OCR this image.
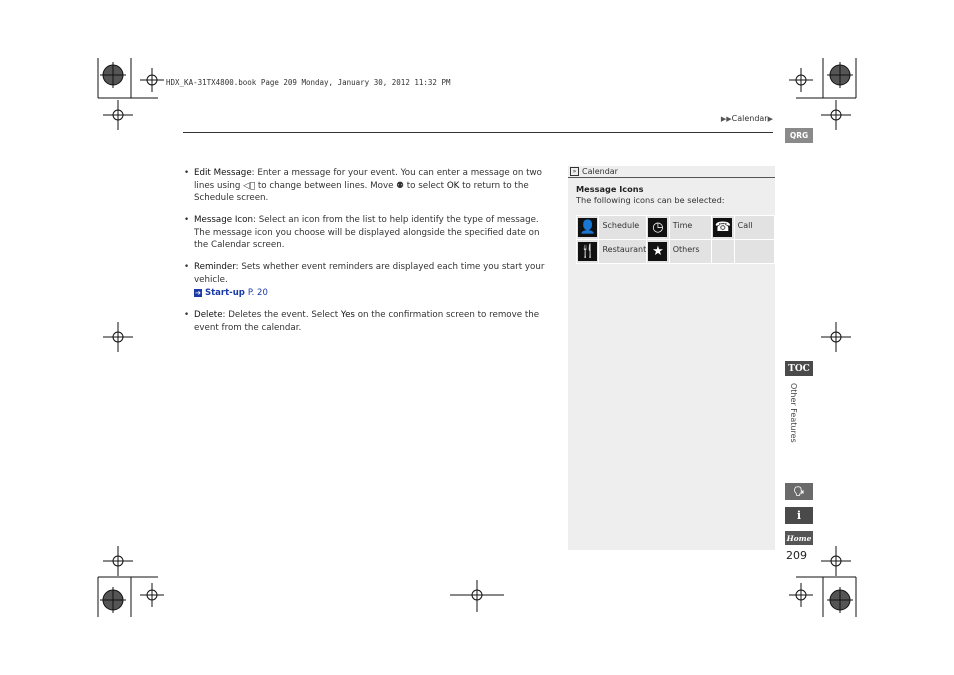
HDX_KA-31TX4800.book Page 209 Monday, January 30, 2012 11:32 PM
▶▶Calendar▶
QRG
TOC
Other Features
🗣
i
Home
209
• Edit Message: Enter a message for your event. You can enter a message on two lines using ◁⃝ to change between lines. Move ⚉ to select OK to return to the Schedule screen.
• Message Icon: Select an icon from the list to help identify the type of message. The message icon you choose will be displayed alongside the specified date on the Calendar screen.
• Reminder: Sets whether event reminders are displayed each time you start your vehicle.
➔ Start-up P. 20
• Delete: Deletes the event. Select Yes on the confirmation screen to remove the event from the calendar.
» Calendar
Message Icons
The following icons can be selected:
👤	Schedule	◷	Time	☎	Call
🍴	Restaurant	★	Others		
